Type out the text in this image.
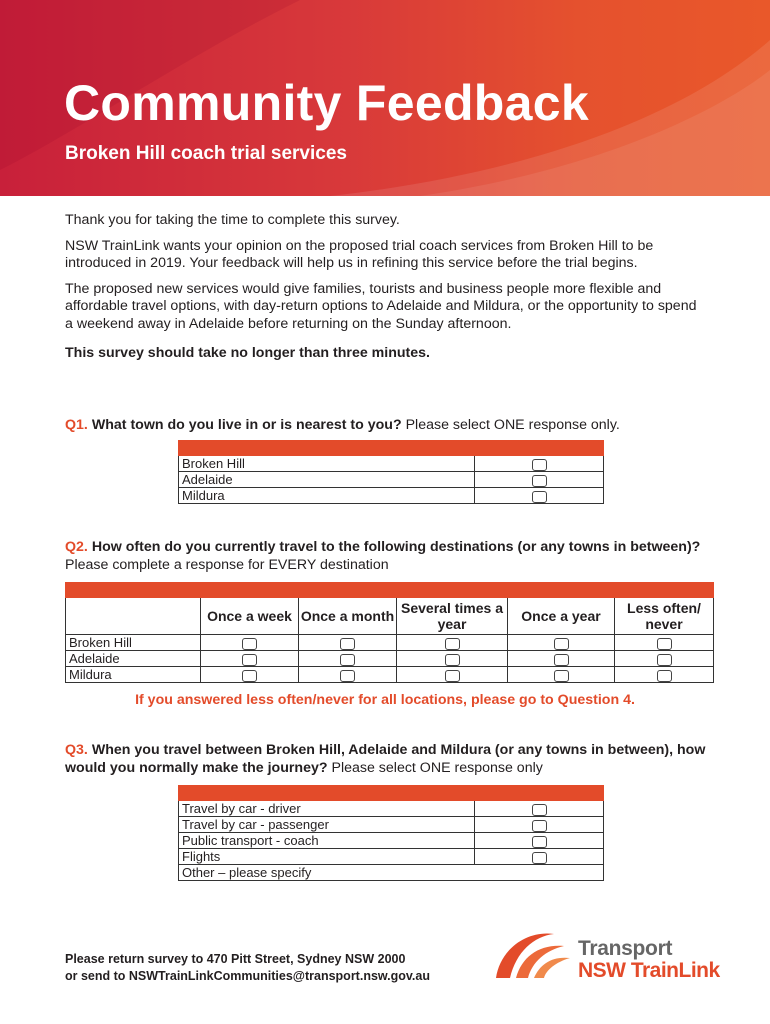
Community Feedback
Broken Hill coach trial services

Thank you for taking the time to complete this survey.

NSW TrainLink wants your opinion on the proposed trial coach services from Broken Hill to be introduced in 2019. Your feedback will help us in refining this service before the trial begins.

The proposed new services would give families, tourists and business people more flexible and affordable travel options, with day-return options to Adelaide and Mildura, or the opportunity to spend a weekend away in Adelaide before returning on the Sunday afternoon.

This survey should take no longer than three minutes.

Q1. What town do you live in or is nearest to you? Please select ONE response only.

Broken Hill	
Adelaide	
Mildura	
Q2. How often do you currently travel to the following destinations (or any towns in between)? Please complete a response for EVERY destination

	Once a week	Once a month	Several times a year	Once a year	Less often/ never
Broken Hill					
Adelaide					
Mildura					
If you answered less often/never for all locations, please go to Question 4.
Q3. When you travel between Broken Hill, Adelaide and Mildura (or any towns in between), how would you normally make the journey? Please select ONE response only

Travel by car - driver	
Travel by car - passenger	
Public transport - coach	
Flights	
Other – please specify	
Please return survey to 470 Pitt Street, Sydney NSW 2000
or send to NSWTrainLinkCommunities@transport.nsw.gov.au
Transport
NSW TrainLink
